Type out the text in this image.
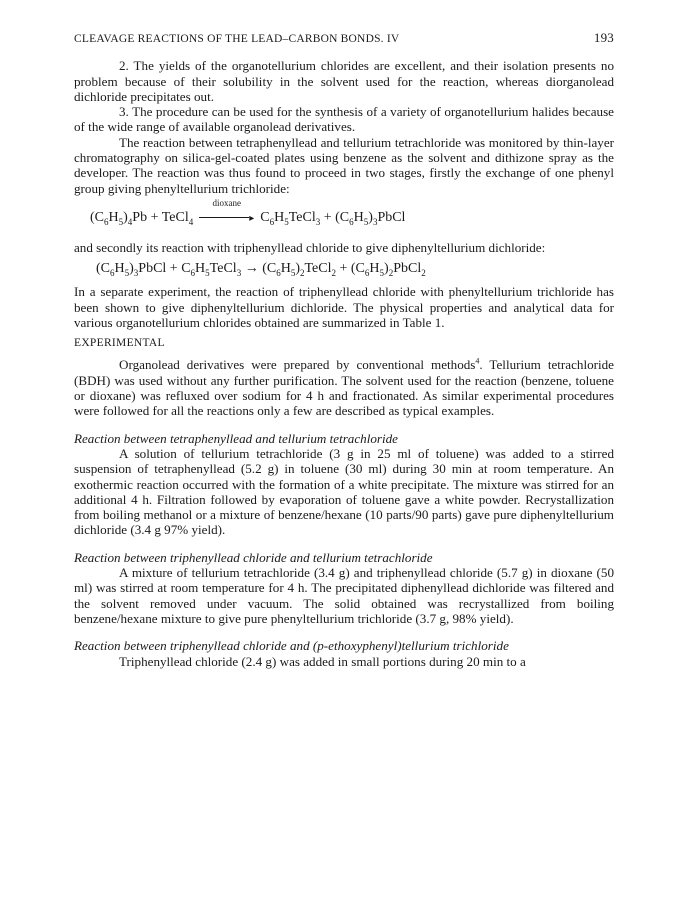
CLEAVAGE REACTIONS OF THE LEAD–CARBON BONDS. IV	193

2. The yields of the organotellurium chlorides are excellent, and their isolation presents no problem because of their solubility in the solvent used for the reaction, whereas diorganolead dichloride precipitates out.

3. The procedure can be used for the synthesis of a variety of organotellurium halides because of the wide range of available organolead derivatives.

The reaction between tetraphenyllead and tellurium tetrachloride was monitored by thin-layer chromatography on silica-gel-coated plates using benzene as the solvent and dithizone spray as the developer. The reaction was thus found to proceed in two stages, firstly the exchange of one phenyl group giving phenyltellurium trichloride:

$(C_6H_5)_4Pb$ + TeCl$_4$
dioxane
▸ $C_6H_5TeCl_3$ + $(C_6H_5)_3PbCl$

and secondly its reaction with triphenyllead chloride to give diphenyltellurium dichloride:

$(C_6H_5)_3PbCl$ + $C_6H_5TeCl_3$ → $(C_6H_5)_2TeCl_2$ + $(C_6H_5)_2PbCl_2$

In a separate experiment, the reaction of triphenyllead chloride with phenyltellurium trichloride has been shown to give diphenyltellurium dichloride. The physical properties and analytical data for various organotellurium chlorides obtained are summarized in Table 1.

EXPERIMENTAL

Organolead derivatives were prepared by conventional methods$^4$. Tellurium tetrachloride (BDH) was used without any further purification. The solvent used for the reaction (benzene, toluene or dioxane) was refluxed over sodium for 4 h and fractionated. As similar experimental procedures were followed for all the reactions only a few are described as typical examples.

Reaction between tetraphenyllead and tellurium tetrachloride

A solution of tellurium tetrachloride (3 g in 25 ml of toluene) was added to a stirred suspension of tetraphenyllead (5.2 g) in toluene (30 ml) during 30 min at room temperature. An exothermic reaction occurred with the formation of a white precipitate. The mixture was stirred for an additional 4 h. Filtration followed by evaporation of toluene gave a white powder. Recrystallization from boiling methanol or a mixture of benzene/hexane (10 parts/90 parts) gave pure diphenyltellurium dichloride (3.4 g 97% yield).

Reaction between triphenyllead chloride and tellurium tetrachloride

A mixture of tellurium tetrachloride (3.4 g) and triphenyllead chloride (5.7 g) in dioxane (50 ml) was stirred at room temperature for 4 h. The precipitated diphenyllead dichloride was filtered and the solvent removed under vacuum. The solid obtained was recrystallized from boiling benzene/hexane mixture to give pure phenyltellurium trichloride (3.7 g, 98% yield).

Reaction between triphenyllead chloride and (p-ethoxyphenyl)tellurium trichloride

Triphenyllead chloride (2.4 g) was added in small portions during 20 min to a
